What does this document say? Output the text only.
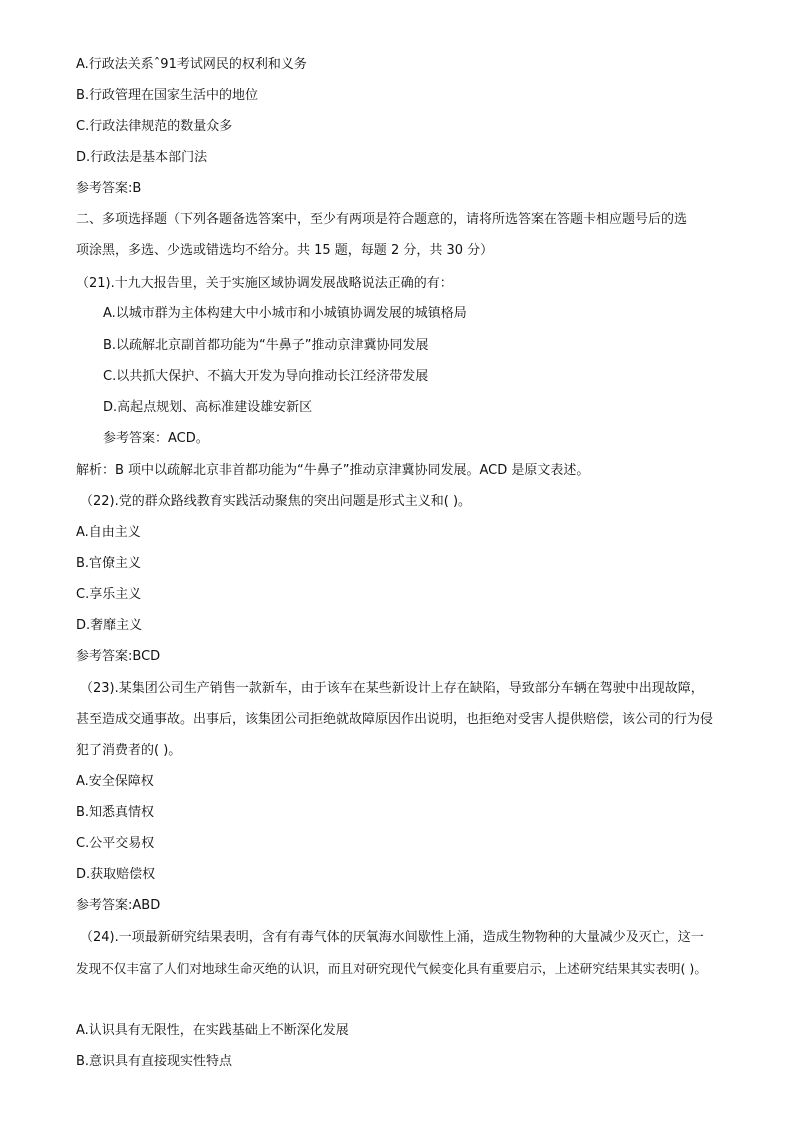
A.行政法关系ˆ91考试网民的权利和义务
B.行政管理在国家生活中的地位
C.行政法律规范的数量众多
D.行政法是基本部门法
参考答案:B
二、多项选择题（下列各题备选答案中，至少有两项是符合题意的，请将所选答案在答题卡相应题号后的选
项涂黑，多选、少选或错选均不给分。共 15 题，每题 2 分，共 30 分）
（21).十九大报告里，关于实施区域协调发展战略说法正确的有：
A.以城市群为主体构建大中小城市和小城镇协调发展的城镇格局
B.以疏解北京副首都功能为“牛鼻子”推动京津冀协同发展
C.以共抓大保护、不搞大开发为导向推动长江经济带发展
D.高起点规划、高标准建设雄安新区
参考答案：ACD。
解析：B 项中以疏解北京非首都功能为“牛鼻子”推动京津冀协同发展。ACD 是原文表述。
（22).党的群众路线教育实践活动聚焦的突出问题是形式主义和( )。
A.自由主义
B.官僚主义
C.享乐主义
D.奢靡主义
参考答案:BCD
（23).某集团公司生产销售一款新车，由于该车在某些新设计上存在缺陷，导致部分车辆在驾驶中出现故障，
甚至造成交通事故。出事后，该集团公司拒绝就故障原因作出说明，也拒绝对受害人提供赔偿，该公司的行为侵
犯了消费者的( )。
A.安全保障权
B.知悉真情权
C.公平交易权
D.获取赔偿权
参考答案:ABD
（24).一项最新研究结果表明，含有有毒气体的厌氧海水间歇性上涌，造成生物物种的大量减少及灭亡，这一
发现不仅丰富了人们对地球生命灭绝的认识，而且对研究现代气候变化具有重要启示，上述研究结果其实表明( )。
A.认识具有无限性，在实践基础上不断深化发展
B.意识具有直接现实性特点
